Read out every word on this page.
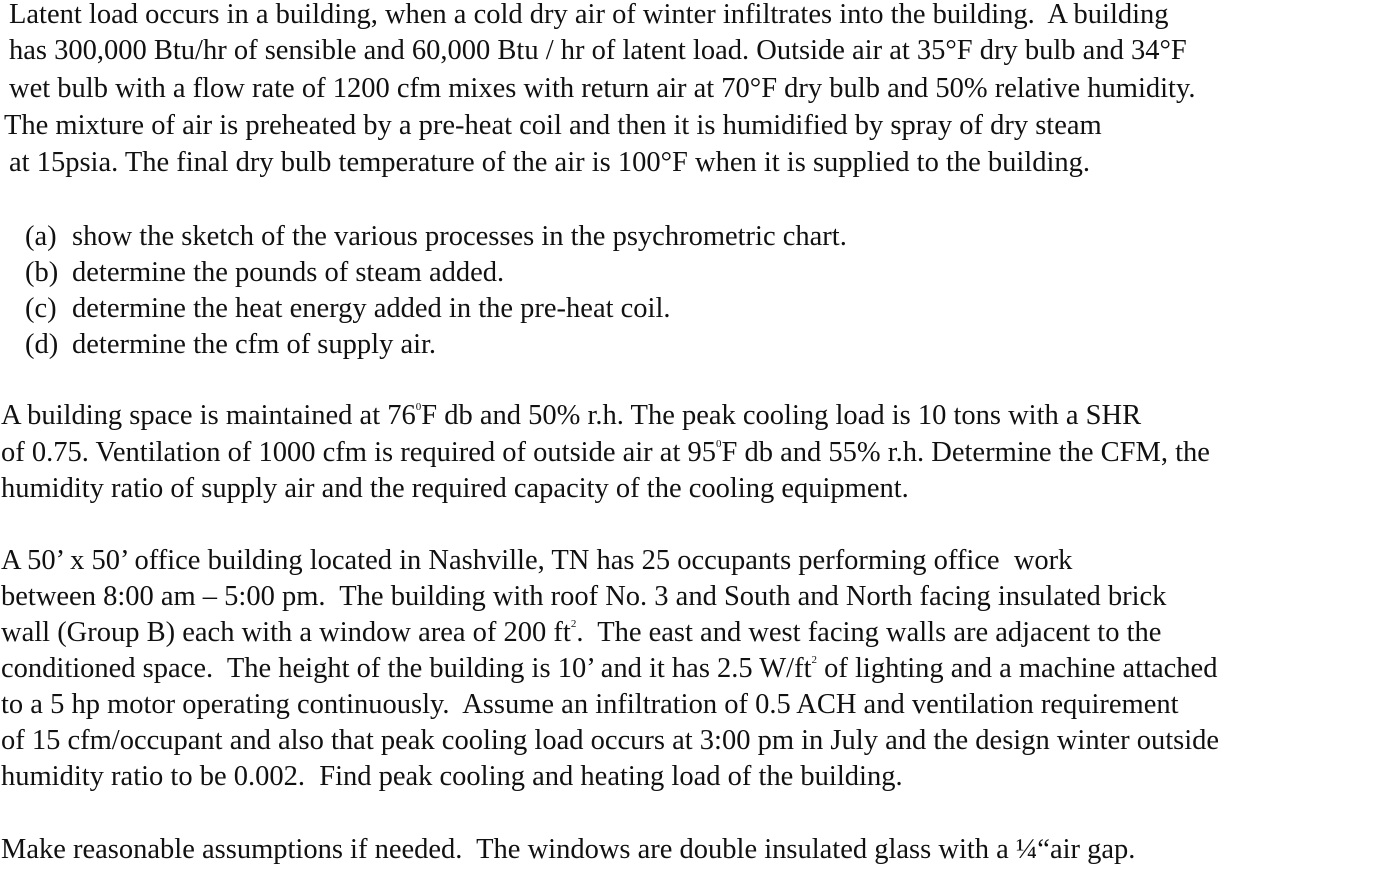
Latent load occurs in a building, when a cold dry air of winter infiltrates into the building.  A building
has 300,000 Btu/hr of sensible and 60,000 Btu / hr of latent load. Outside air at 35°F dry bulb and 34°F
wet bulb with a flow rate of 1200 cfm mixes with return air at 70°F dry bulb and 50% relative humidity.
The mixture of air is preheated by a pre-heat coil and then it is humidified by spray of dry steam
at 15psia. The final dry bulb temperature of the air is 100°F when it is supplied to the building.
(a) show the sketch of the various processes in the psychrometric chart.
(b) determine the pounds of steam added.
(c) determine the heat energy added in the pre-heat coil.
(d) determine the cfm of supply air.
A building space is maintained at $76^0F$ db and 50% r.h. The peak cooling load is 10 tons with a SHR
of 0.75. Ventilation of 1000 cfm is required of outside air at $95^0F$ db and 55% r.h. Determine the CFM, the
humidity ratio of supply air and the required capacity of the cooling equipment.
A 50’ x 50’ office building located in Nashville, TN has 25 occupants performing office  work
between 8:00 am – 5:00 pm.  The building with roof No. 3 and South and North facing insulated brick
wall (Group B) each with a window area of 200 $ft^2$.  The east and west facing walls are adjacent to the
conditioned space.  The height of the building is 10’ and it has 2.5 $W/ft^2$ of lighting and a machine attached
to a 5 hp motor operating continuously.  Assume an infiltration of 0.5 ACH and ventilation requirement
of 15 cfm/occupant and also that peak cooling load occurs at 3:00 pm in July and the design winter outside
humidity ratio to be 0.002.  Find peak cooling and heating load of the building.
Make reasonable assumptions if needed.  The windows are double insulated glass with a ¼“air gap.
